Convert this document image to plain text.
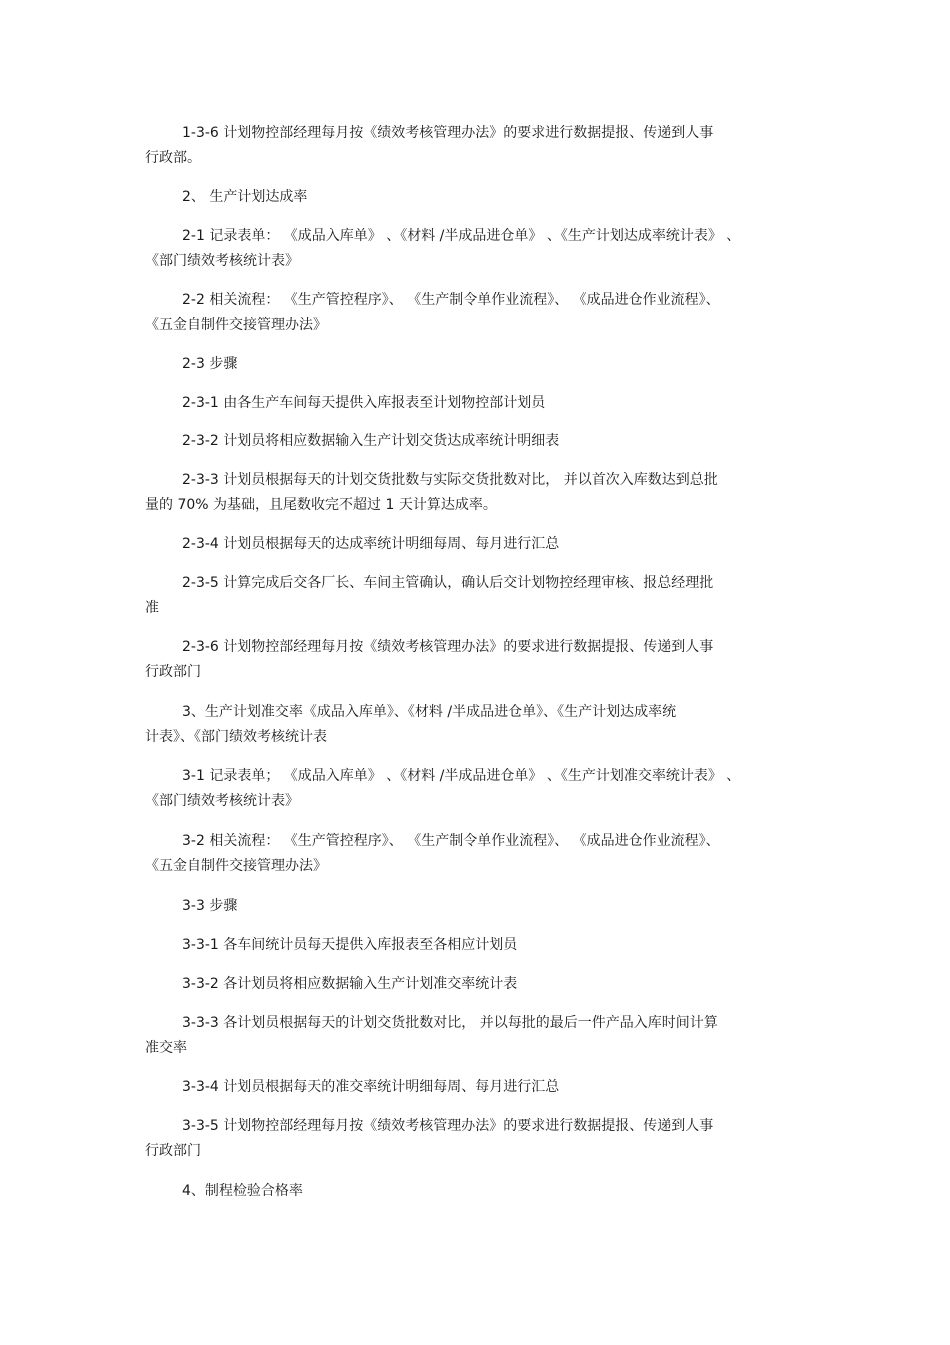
1-3-6 计划物控部经理每月按《绩效考核管理办法》的要求进行数据提报、传递到人事
行政部。
2、 生产计划达成率
2-1 记录表单： 《成品入库单》 、《材料 /半成品进仓单》 、《生产计划达成率统计表》 、
《部门绩效考核统计表》
2-2 相关流程： 《生产管控程序》、 《生产制令单作业流程》、 《成品进仓作业流程》、
《五金自制件交接管理办法》
2-3 步骤
2-3-1 由各生产车间每天提供入库报表至计划物控部计划员
2-3-2 计划员将相应数据输入生产计划交货达成率统计明细表
2-3-3 计划员根据每天的计划交货批数与实际交货批数对比， 并以首次入库数达到总批
量的 70% 为基础，且尾数收完不超过 1 天计算达成率。
2-3-4 计划员根据每天的达成率统计明细每周、每月进行汇总
2-3-5 计算完成后交各厂长、车间主管确认，确认后交计划物控经理审核、报总经理批
准
2-3-6 计划物控部经理每月按《绩效考核管理办法》的要求进行数据提报、传递到人事
行政部门
3、生产计划准交率《成品入库单》、《材料 /半成品进仓单》、《生产计划达成率统
计表》、《部门绩效考核统计表
3-1 记录表单； 《成品入库单》 、《材料 /半成品进仓单》 、《生产计划准交率统计表》 、
《部门绩效考核统计表》
3-2 相关流程： 《生产管控程序》、 《生产制令单作业流程》、 《成品进仓作业流程》、
《五金自制件交接管理办法》
3-3 步骤
3-3-1 各车间统计员每天提供入库报表至各相应计划员
3-3-2 各计划员将相应数据输入生产计划准交率统计表
3-3-3 各计划员根据每天的计划交货批数对比， 并以每批的最后一件产品入库时间计算
准交率
3-3-4 计划员根据每天的准交率统计明细每周、每月进行汇总
3-3-5 计划物控部经理每月按《绩效考核管理办法》的要求进行数据提报、传递到人事
行政部门
4、制程检验合格率
